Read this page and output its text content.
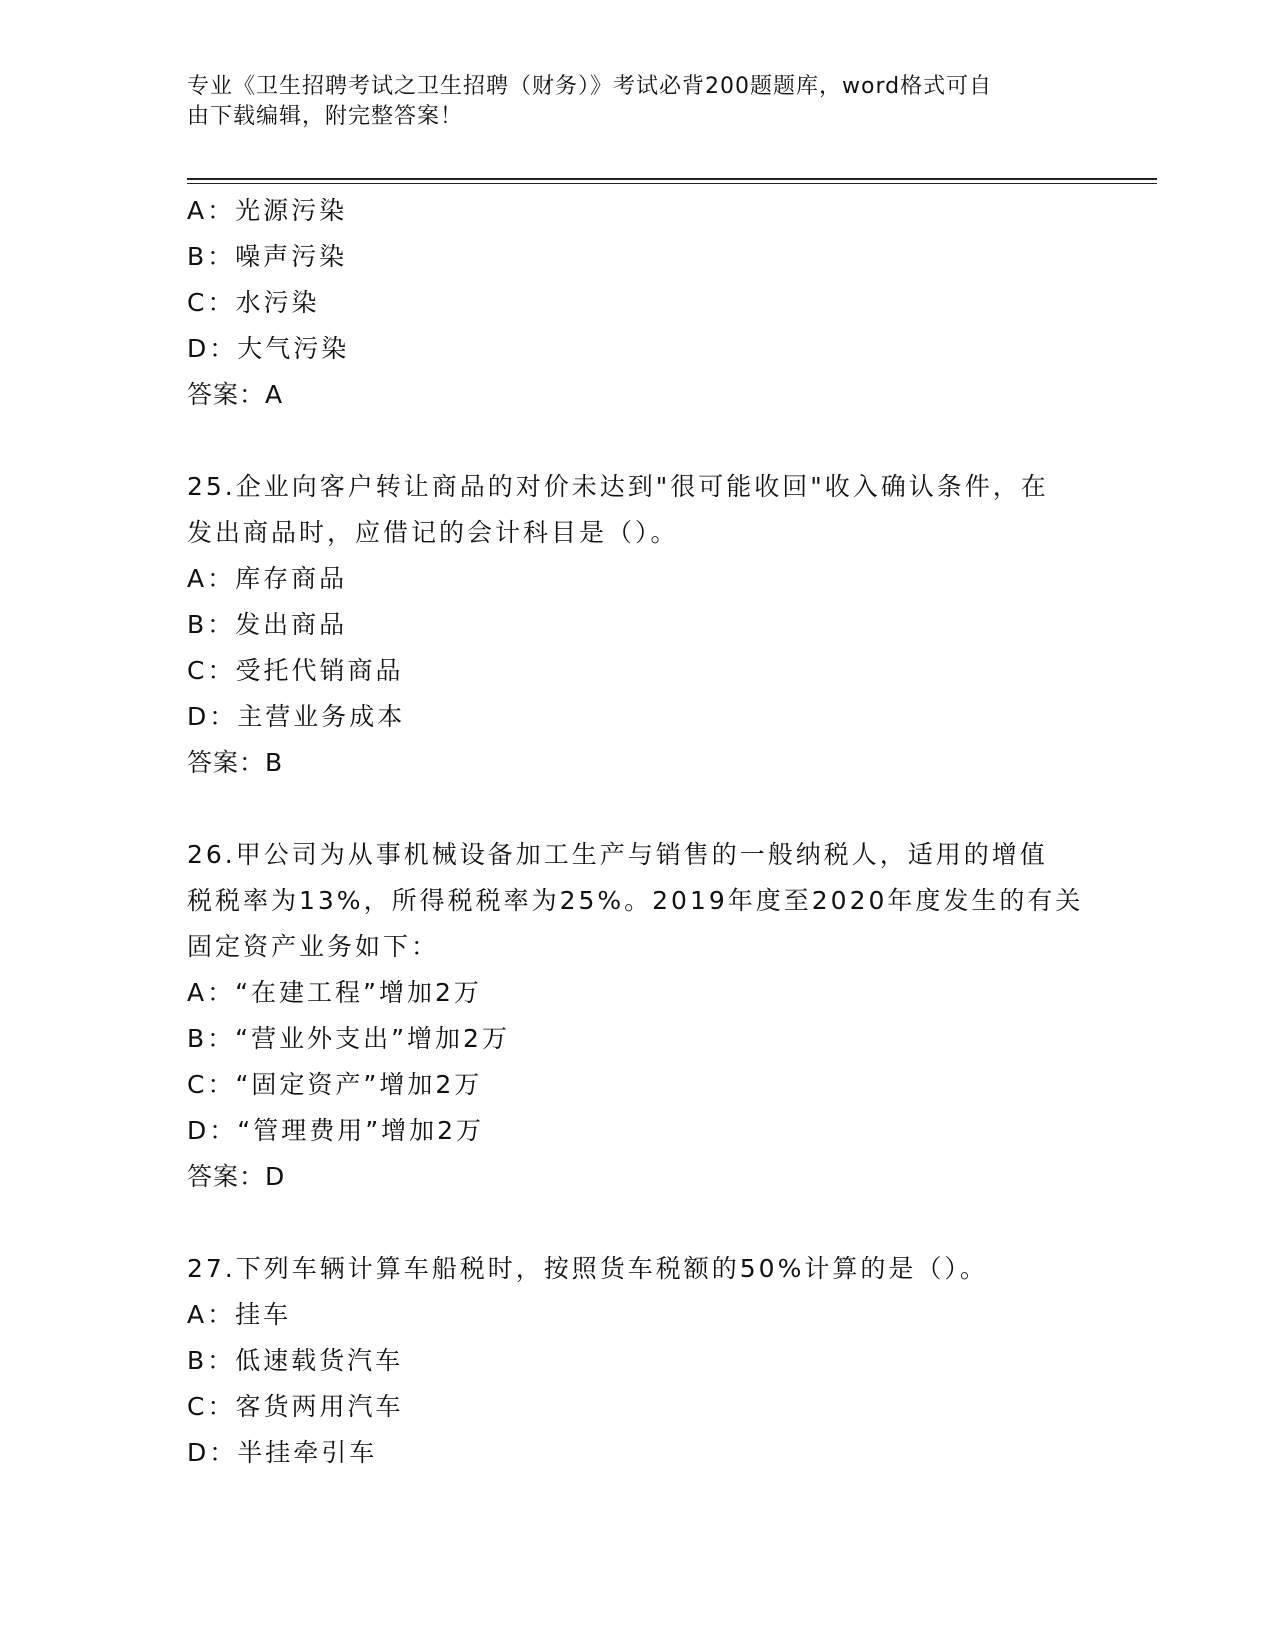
专业《卫生招聘考试之卫生招聘（财务）》考试必背200题题库，word格式可自
由下载编辑，附完整答案！
A：光源污染
B：噪声污染
C：水污染
D：大气污染
答案：A
25.企业向客户转让商品的对价未达到"很可能收回"收入确认条件，在
发出商品时，应借记的会计科目是（）。
A：库存商品
B：发出商品
C：受托代销商品
D：主营业务成本
答案：B
26.甲公司为从事机械设备加工生产与销售的一般纳税人，适用的增值
税税率为13%，所得税税率为25%。2019年度至2020年度发生的有关
固定资产业务如下：
A：“在建工程”增加2万
B：“营业外支出”增加2万
C：“固定资产”增加2万
D：“管理费用”增加2万
答案：D
27.下列车辆计算车船税时，按照货车税额的50%计算的是（）。
A：挂车
B：低速载货汽车
C：客货两用汽车
D：半挂牵引车
